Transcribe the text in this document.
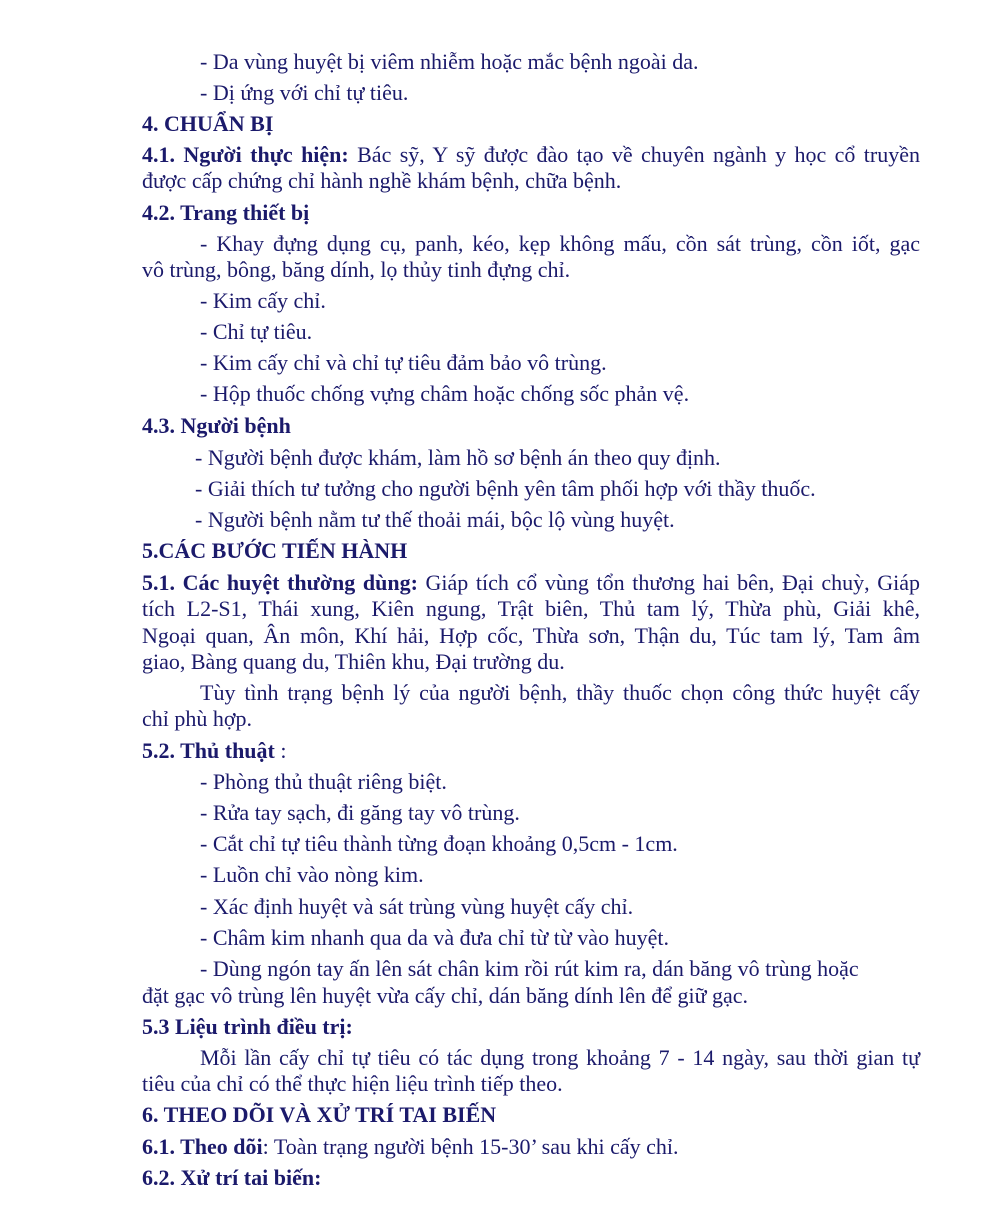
- Da vùng huyệt bị viêm nhiễm hoặc mắc bệnh ngoài da.
- Dị ứng với chỉ tự tiêu.
4. CHUẨN BỊ
4.1. Người thực hiện: Bác sỹ, Y sỹ được đào tạo về chuyên ngành y học cổ truyền
được cấp chứng chỉ hành nghề khám bệnh, chữa bệnh.
4.2. Trang thiết bị
- Khay đựng dụng cụ, panh, kéo, kẹp không mấu, cồn sát trùng, cồn iốt, gạc
vô trùng, bông, băng dính, lọ thủy tinh đựng chỉ.
- Kim cấy chỉ.
- Chỉ tự tiêu.
- Kim cấy chỉ và chỉ tự tiêu đảm bảo vô trùng.
- Hộp thuốc chống vựng châm hoặc chống sốc phản vệ.
4.3. Người bệnh
- Người bệnh được khám, làm hồ sơ bệnh án theo quy định.
- Giải thích tư tưởng cho người bệnh yên tâm phối hợp với thầy thuốc.
- Người bệnh nằm tư thế thoải mái, bộc lộ vùng huyệt.
5.CÁC BƯỚC TIẾN HÀNH
5.1. Các huyệt thường dùng: Giáp tích cổ vùng tổn thương hai bên, Đại chuỳ, Giáp
tích L2-S1, Thái xung, Kiên ngung, Trật biên, Thủ tam lý, Thừa phù, Giải khê,
Ngoại quan, Ân môn, Khí hải, Hợp cốc, Thừa sơn, Thận du, Túc tam lý, Tam âm
giao, Bàng quang du, Thiên khu, Đại trường du.
Tùy tình trạng bệnh lý của người bệnh, thầy thuốc chọn công thức huyệt cấy
chỉ phù hợp.
5.2. Thủ thuật :
- Phòng thủ thuật riêng biệt.
- Rửa tay sạch, đi găng tay vô trùng.
- Cắt chỉ tự tiêu thành từng đoạn khoảng 0,5cm - 1cm.
- Luồn chỉ vào nòng kim.
- Xác định huyệt và sát trùng vùng huyệt cấy chỉ.
- Châm kim nhanh qua da và đưa chỉ từ từ vào huyệt.
- Dùng ngón tay ấn lên sát chân kim rồi rút kim ra, dán băng vô trùng hoặc
đặt gạc vô trùng lên huyệt vừa cấy chỉ, dán băng dính lên để giữ gạc.
5.3 Liệu trình điều trị:
Mỗi lần cấy chỉ tự tiêu có tác dụng trong khoảng 7 - 14 ngày, sau thời gian tự
tiêu của chỉ có thể thực hiện liệu trình tiếp theo.
6. THEO DÕI VÀ XỬ TRÍ TAI BIẾN
6.1. Theo dõi: Toàn trạng người bệnh 15-30’ sau khi cấy chỉ.
6.2. Xử trí tai biến:
